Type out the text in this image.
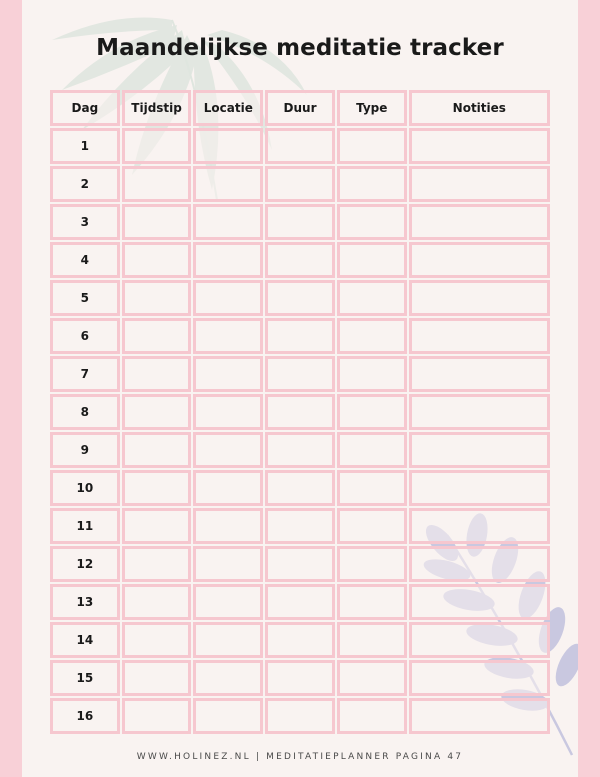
Maandelijkse meditatie tracker
Dag	Tijdstip	Locatie	Duur	Type	Notities
1
2
3
4
5
6
7
8
9
10
11
12
13
14
15
16
WWW.HOLINEZ.NL | MEDITATIEPLANNER PAGINA 47
